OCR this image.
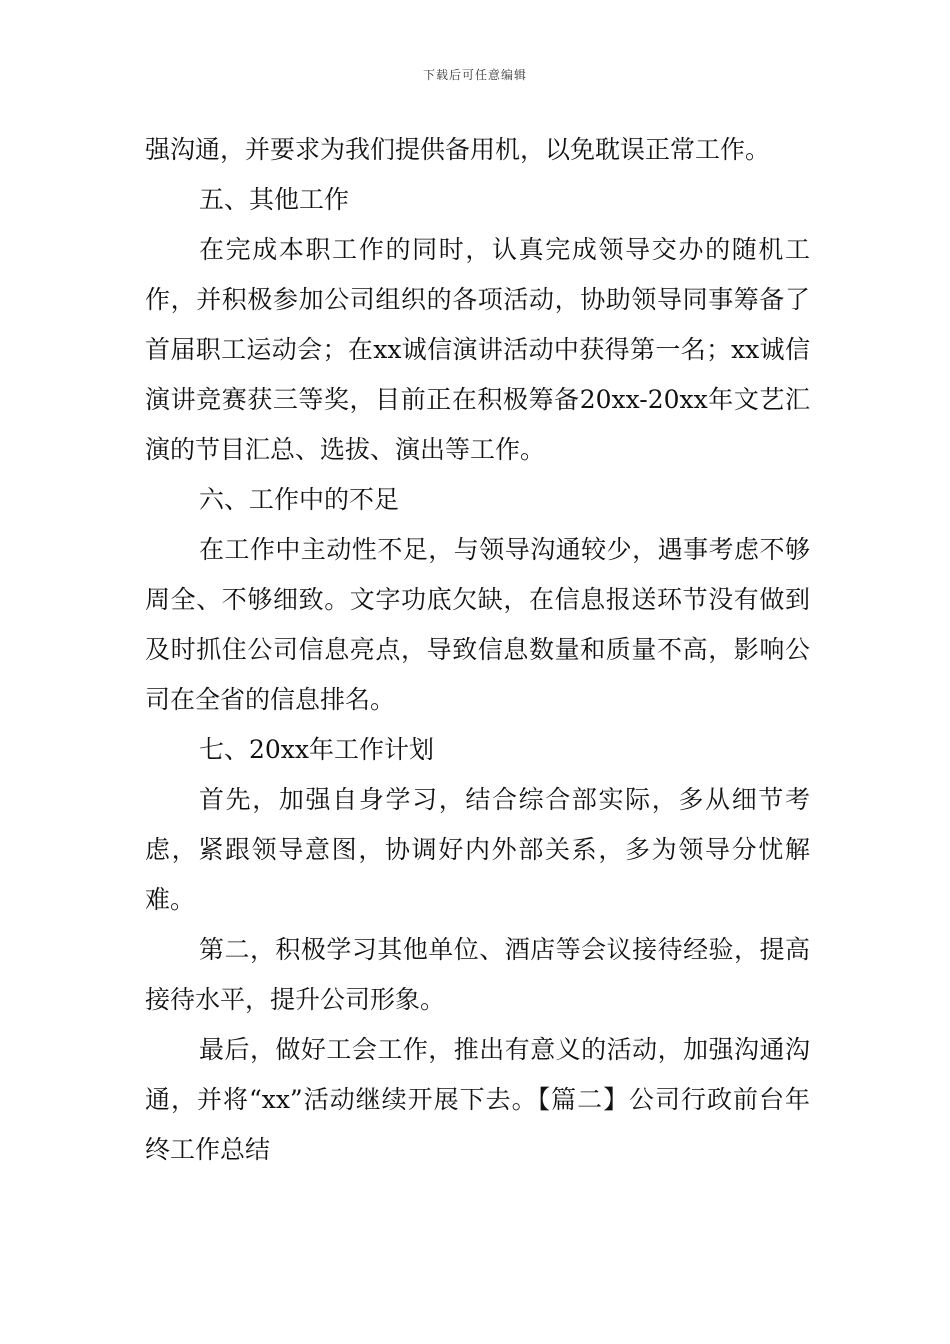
下载后可任意编辑

强沟通，并要求为我们提供备用机，以免耽误正常工作。

五、其他工作

在完成本职工作的同时，认真完成领导交办的随机工作，并积极参加公司组织的各项活动，协助领导同事筹备了首届职工运动会；在xx诚信演讲活动中获得第一名；xx诚信演讲竞赛获三等奖，目前正在积极筹备20xx-20xx年文艺汇演的节目汇总、选拔、演出等工作。

六、工作中的不足

在工作中主动性不足，与领导沟通较少，遇事考虑不够周全、不够细致。文字功底欠缺，在信息报送环节没有做到及时抓住公司信息亮点，导致信息数量和质量不高，影响公司在全省的信息排名。

七、20xx年工作计划

首先，加强自身学习，结合综合部实际，多从细节考虑，紧跟领导意图，协调好内外部关系，多为领导分忧解难。

第二，积极学习其他单位、酒店等会议接待经验，提高接待水平，提升公司形象。

最后，做好工会工作，推出有意义的活动，加强沟通沟通，并将“xx”活动继续开展下去。【篇二】公司行政前台年终工作总结
